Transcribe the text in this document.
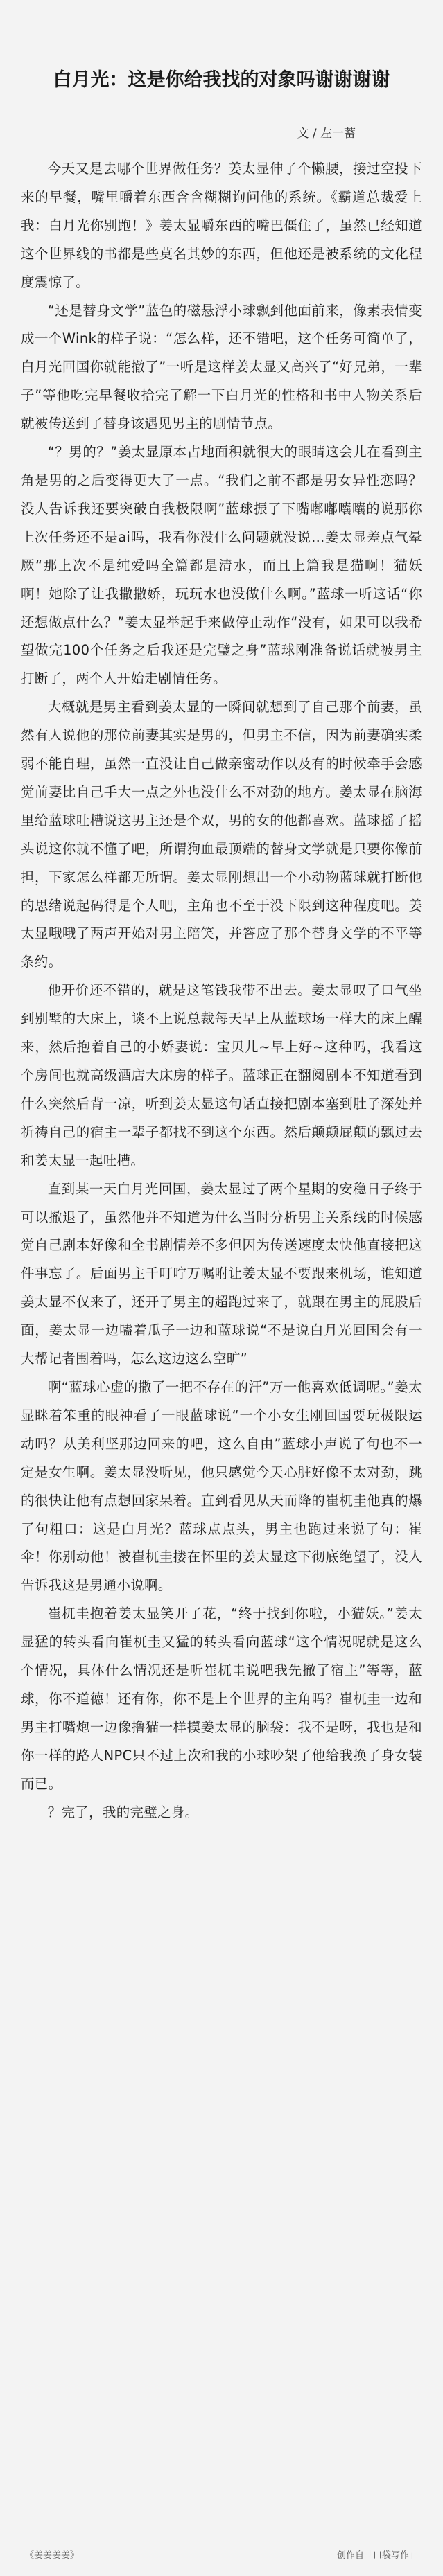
白月光：这是你给我找的对象吗谢谢谢谢
文 / 左一蓄

今天又是去哪个世界做任务？姜太显伸了个懒腰，接过空投下来的早餐，嘴里嚼着东西含含糊糊询问他的系统。《霸道总裁爱上我：白月光你别跑！》姜太显嚼东西的嘴巴僵住了，虽然已经知道这个世界线的书都是些莫名其妙的东西，但他还是被系统的文化程度震惊了。

“还是替身文学”蓝色的磁悬浮小球飘到他面前来，像素表情变成一个Wink的样子说：“怎么样，还不错吧，这个任务可简单了，白月光回国你就能撤了”一听是这样姜太显又高兴了“好兄弟，一辈子”等他吃完早餐收拾完了解一下白月光的性格和书中人物关系后就被传送到了替身该遇见男主的剧情节点。

“？男的？”姜太显原本占地面积就很大的眼睛这会儿在看到主角是男的之后变得更大了一点。“我们之前不都是男女异性恋吗？没人告诉我还要突破自我极限啊”蓝球振了下嘴嘟嘟囔囔的说那你上次任务还不是ai吗，我看你没什么问题就没说…姜太显差点气晕厥“那上次不是纯爱吗全篇都是清水，而且上篇我是猫啊！猫妖啊！她除了让我撒撒娇，玩玩水也没做什么啊。”蓝球一听这话“你还想做点什么？”姜太显举起手来做停止动作“没有，如果可以我希望做完100个任务之后我还是完璧之身”蓝球刚准备说话就被男主打断了，两个人开始走剧情任务。

大概就是男主看到姜太显的一瞬间就想到了自己那个前妻，虽然有人说他的那位前妻其实是男的，但男主不信，因为前妻确实柔弱不能自理，虽然一直没让自己做亲密动作以及有的时候牵手会感觉前妻比自己手大一点之外也没什么不对劲的地方。姜太显在脑海里给蓝球吐槽说这男主还是个双，男的女的他都喜欢。蓝球摇了摇头说这你就不懂了吧，所谓狗血最顶端的替身文学就是只要你像前担，下家怎么样都无所谓。姜太显刚想出一个小动物蓝球就打断他的思绪说起码得是个人吧，主角也不至于没下限到这种程度吧。姜太显哦哦了两声开始对男主陪笑，并答应了那个替身文学的不平等条约。

他开价还不错的，就是这笔钱我带不出去。姜太显叹了口气坐到别墅的大床上，谈不上说总裁每天早上从蓝球场一样大的床上醒来，然后抱着自己的小娇妻说：宝贝儿~早上好~这种吗，我看这个房间也就高级酒店大床房的样子。蓝球正在翻阅剧本不知道看到什么突然后背一凉，听到姜太显这句话直接把剧本塞到肚子深处并祈祷自己的宿主一辈子都找不到这个东西。然后颠颠屁颠的飘过去和姜太显一起吐槽。

直到某一天白月光回国，姜太显过了两个星期的安稳日子终于可以撤退了，虽然他并不知道为什么当时分析男主关系线的时候感觉自己剧本好像和全书剧情差不多但因为传送速度太快他直接把这件事忘了。后面男主千叮咛万嘱咐让姜太显不要跟来机场，谁知道姜太显不仅来了，还开了男主的超跑过来了，就跟在男主的屁股后面，姜太显一边嗑着瓜子一边和蓝球说“不是说白月光回国会有一大帮记者围着吗，怎么这边这么空旷”

啊“蓝球心虚的撒了一把不存在的汗”万一他喜欢低调呢。”姜太显眯着笨重的眼神看了一眼蓝球说“一个小女生刚回国要玩极限运动吗？从美利坚那边回来的吧，这么自由”蓝球小声说了句也不一定是女生啊。姜太显没听见，他只感觉今天心脏好像不太对劲，跳的很快让他有点想回家呆着。直到看见从天而降的崔杌圭他真的爆了句粗口：这是白月光？蓝球点点头，男主也跑过来说了句：崔伞！你别动他！被崔杌圭搂在怀里的姜太显这下彻底绝望了，没人告诉我这是男通小说啊。

崔杌圭抱着姜太显笑开了花，“终于找到你啦，小猫妖。”姜太显猛的转头看向崔杌圭又猛的转头看向蓝球“这个情况呢就是这么个情况，具体什么情况还是听崔杌圭说吧我先撤了宿主”等等，蓝球，你不道德！还有你，你不是上个世界的主角吗？崔杌圭一边和男主打嘴炮一边像撸猫一样摸姜太显的脑袋：我不是呀，我也是和你一样的路人NPC只不过上次和我的小球吵架了他给我换了身女装而已。

？完了，我的完璧之身。

《姜姜姜姜》	创作自「口袋写作」
